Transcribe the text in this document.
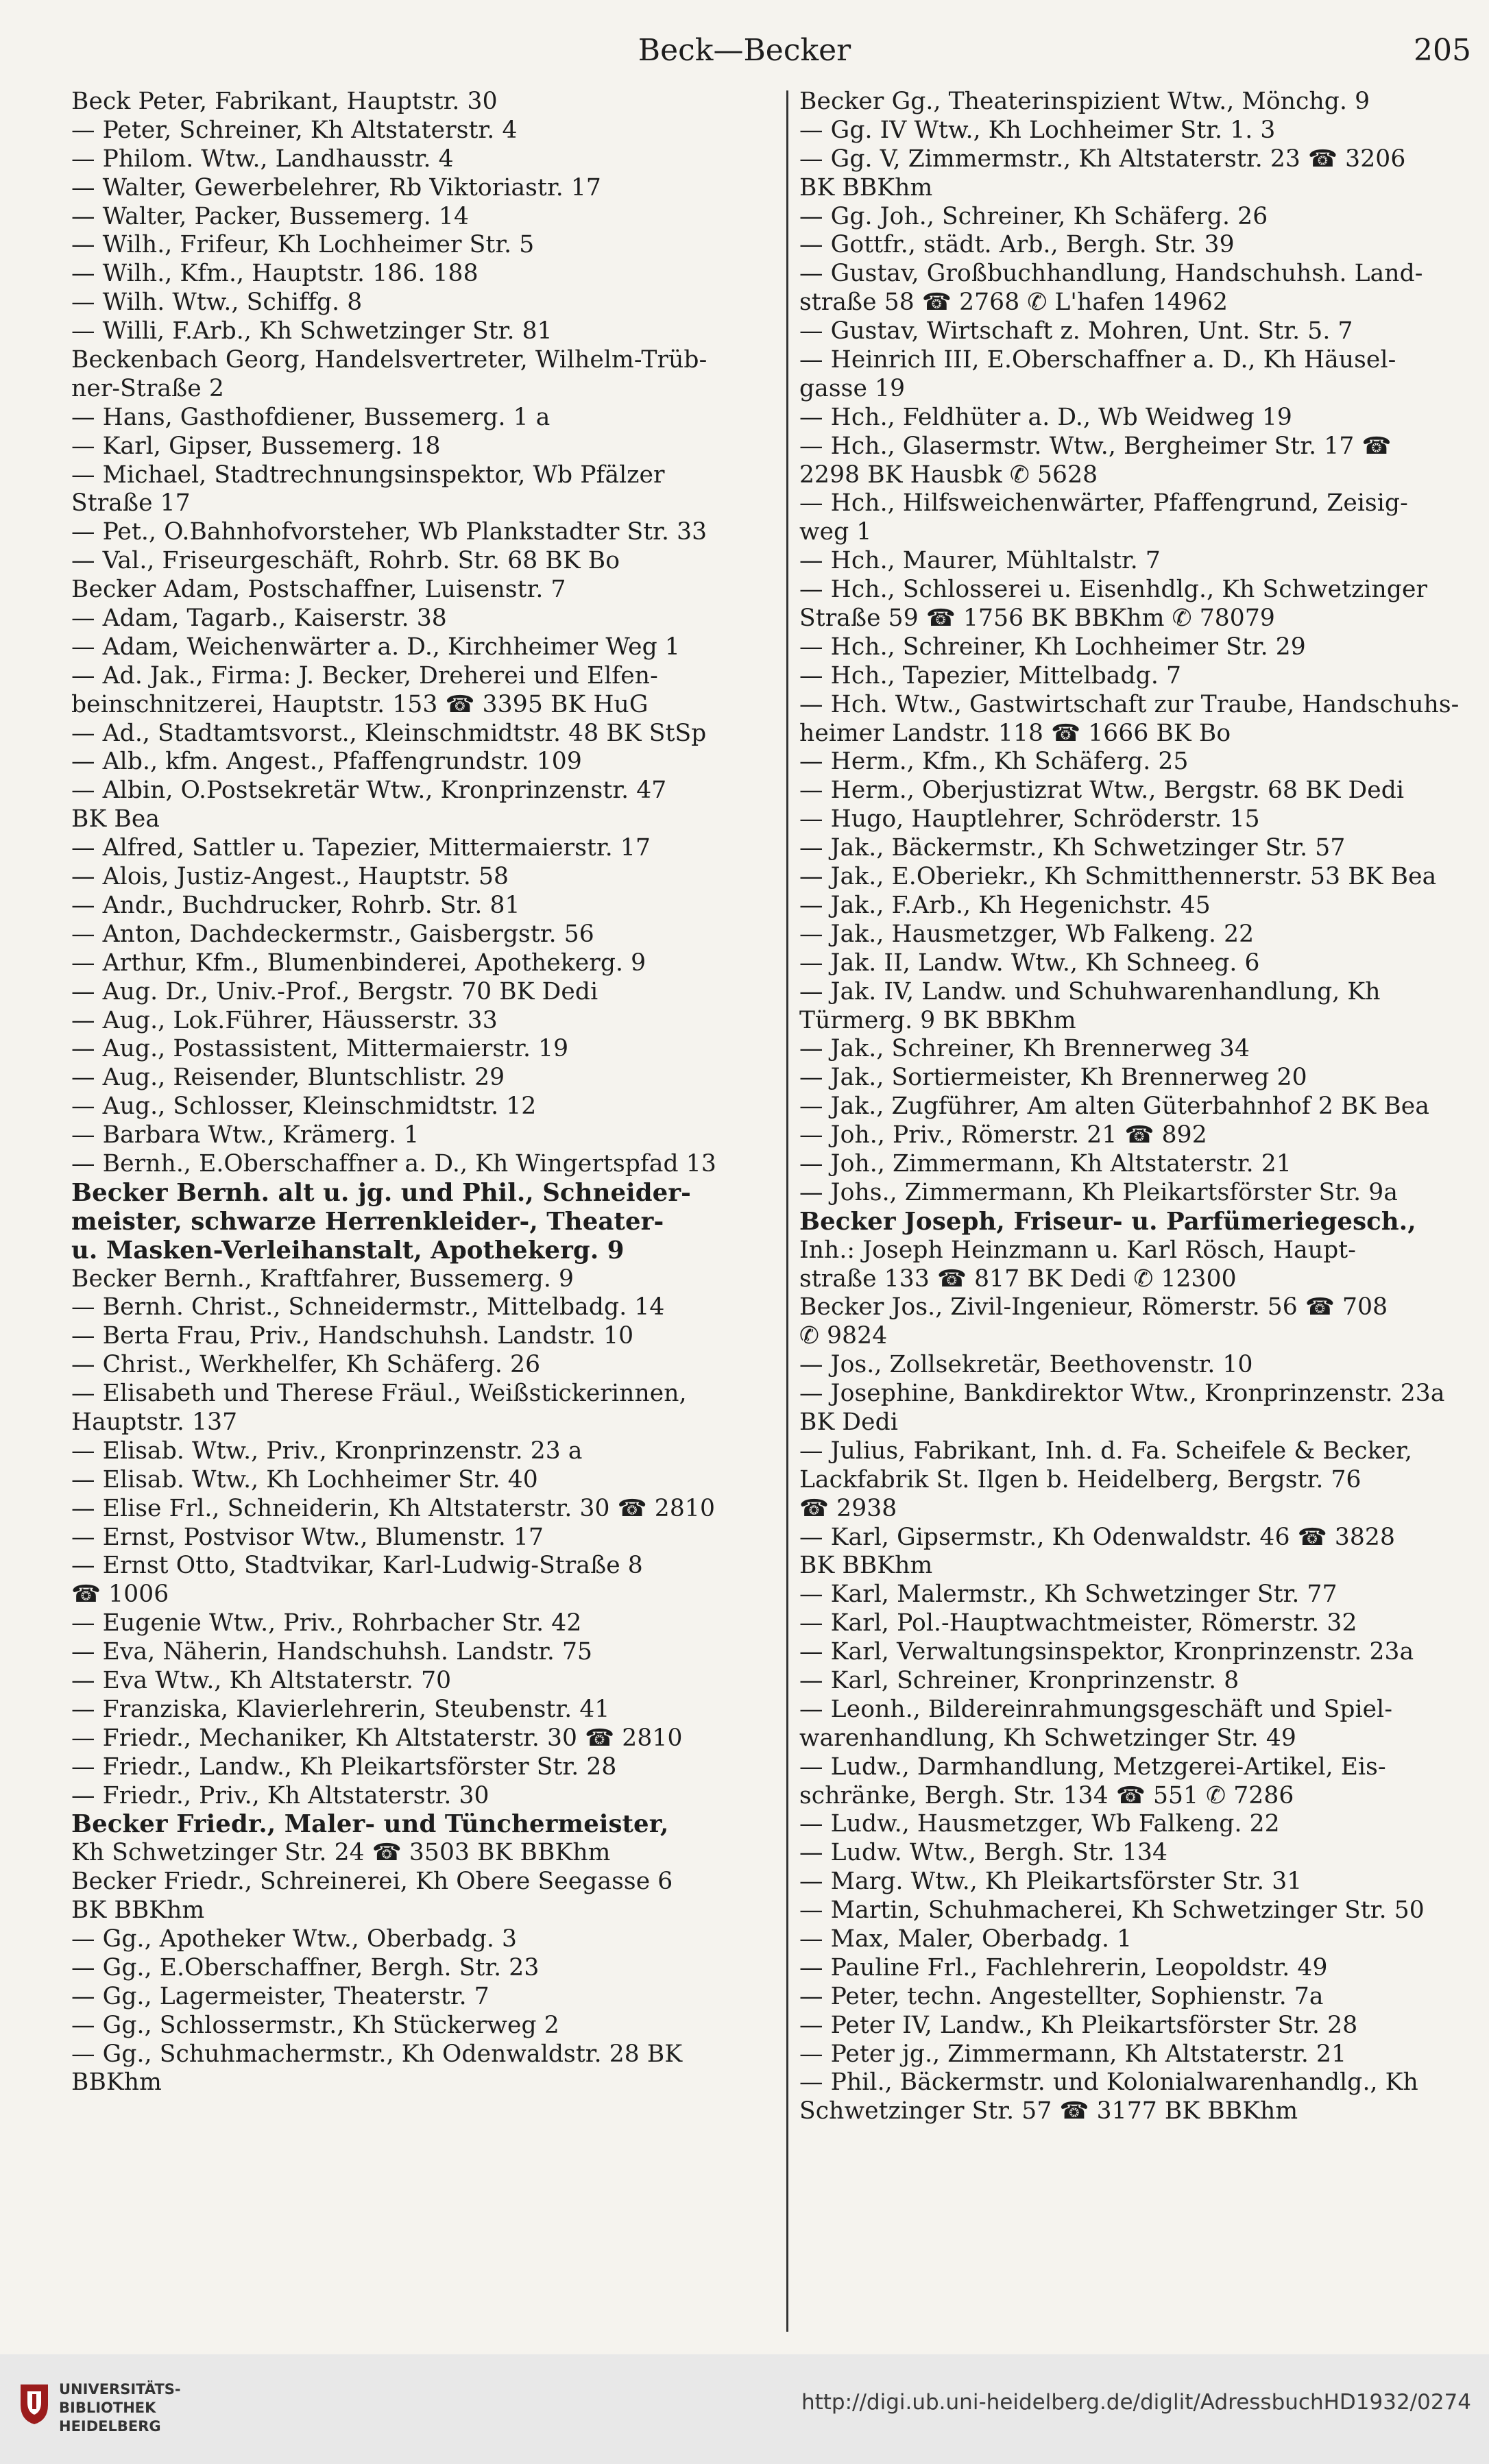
Beck—Becker	205
Beck Peter, Fabrikant, Hauptstr. 30
— Peter, Schreiner, Kh Altstaterstr. 4
— Philom. Wtw., Landhausstr. 4
— Walter, Gewerbelehrer, Rb Viktoriastr. 17
— Walter, Packer, Bussemerg. 14
— Wilh., Frifeur, Kh Lochheimer Str. 5
— Wilh., Kfm., Hauptstr. 186. 188
— Wilh. Wtw., Schiffg. 8
— Willi, F.Arb., Kh Schwetzinger Str. 81
Beckenbach Georg, Handelsvertreter, Wilhelm-Trüb-
ner-Straße 2
— Hans, Gasthofdiener, Bussemerg. 1 a
— Karl, Gipser, Bussemerg. 18
— Michael, Stadtrechnungsinspektor, Wb Pfälzer
Straße 17
— Pet., O.Bahnhofvorsteher, Wb Plankstadter Str. 33
— Val., Friseurgeschäft, Rohrb. Str. 68 BK Bo
Becker Adam, Postschaffner, Luisenstr. 7
— Adam, Tagarb., Kaiserstr. 38
— Adam, Weichenwärter a. D., Kirchheimer Weg 1
— Ad. Jak., Firma: J. Becker, Dreherei und Elfen-
beinschnitzerei, Hauptstr. 153 ☎ 3395 BK HuG
— Ad., Stadtamtsvorst., Kleinschmidtstr. 48 BK StSp
— Alb., kfm. Angest., Pfaffengrundstr. 109
— Albin, O.Postsekretär Wtw., Kronprinzenstr. 47
BK Bea
— Alfred, Sattler u. Tapezier, Mittermaierstr. 17
— Alois, Justiz-Angest., Hauptstr. 58
— Andr., Buchdrucker, Rohrb. Str. 81
— Anton, Dachdeckermstr., Gaisbergstr. 56
— Arthur, Kfm., Blumenbinderei, Apothekerg. 9
— Aug. Dr., Univ.-Prof., Bergstr. 70 BK Dedi
— Aug., Lok.Führer, Häusserstr. 33
— Aug., Postassistent, Mittermaierstr. 19
— Aug., Reisender, Bluntschlistr. 29
— Aug., Schlosser, Kleinschmidtstr. 12
— Barbara Wtw., Krämerg. 1
— Bernh., E.Oberschaffner a. D., Kh Wingertspfad 13
Becker Bernh. alt u. jg. und Phil., Schneider-
meister, schwarze Herrenkleider-, Theater-
u. Masken-Verleihanstalt, Apothekerg. 9
Becker Bernh., Kraftfahrer, Bussemerg. 9
— Bernh. Christ., Schneidermstr., Mittelbadg. 14
— Berta Frau, Priv., Handschuhsh. Landstr. 10
— Christ., Werkhelfer, Kh Schäferg. 26
— Elisabeth und Therese Fräul., Weißstickerinnen,
Hauptstr. 137
— Elisab. Wtw., Priv., Kronprinzenstr. 23 a
— Elisab. Wtw., Kh Lochheimer Str. 40
— Elise Frl., Schneiderin, Kh Altstaterstr. 30 ☎ 2810
— Ernst, Postvisor Wtw., Blumenstr. 17
— Ernst Otto, Stadtvikar, Karl-Ludwig-Straße 8
☎ 1006
— Eugenie Wtw., Priv., Rohrbacher Str. 42
— Eva, Näherin, Handschuhsh. Landstr. 75
— Eva Wtw., Kh Altstaterstr. 70
— Franziska, Klavierlehrerin, Steubenstr. 41
— Friedr., Mechaniker, Kh Altstaterstr. 30 ☎ 2810
— Friedr., Landw., Kh Pleikartsförster Str. 28
— Friedr., Priv., Kh Altstaterstr. 30
Becker Friedr., Maler- und Tünchermeister,
Kh Schwetzinger Str. 24 ☎ 3503 BK BBKhm
Becker Friedr., Schreinerei, Kh Obere Seegasse 6
BK BBKhm
— Gg., Apotheker Wtw., Oberbadg. 3
— Gg., E.Oberschaffner, Bergh. Str. 23
— Gg., Lagermeister, Theaterstr. 7
— Gg., Schlossermstr., Kh Stückerweg 2
— Gg., Schuhmachermstr., Kh Odenwaldstr. 28 BK
BBKhm
Becker Gg., Theaterinspizient Wtw., Mönchg. 9
— Gg. IV Wtw., Kh Lochheimer Str. 1. 3
— Gg. V, Zimmermstr., Kh Altstaterstr. 23 ☎ 3206
BK BBKhm
— Gg. Joh., Schreiner, Kh Schäferg. 26
— Gottfr., städt. Arb., Bergh. Str. 39
— Gustav, Großbuchhandlung, Handschuhsh. Land-
straße 58 ☎ 2768 ✆ L'hafen 14962
— Gustav, Wirtschaft z. Mohren, Unt. Str. 5. 7
— Heinrich III, E.Oberschaffner a. D., Kh Häusel-
gasse 19
— Hch., Feldhüter a. D., Wb Weidweg 19
— Hch., Glasermstr. Wtw., Bergheimer Str. 17 ☎
2298 BK Hausbk ✆ 5628
— Hch., Hilfsweichenwärter, Pfaffengrund, Zeisig-
weg 1
— Hch., Maurer, Mühltalstr. 7
— Hch., Schlosserei u. Eisenhdlg., Kh Schwetzinger
Straße 59 ☎ 1756 BK BBKhm ✆ 78079
— Hch., Schreiner, Kh Lochheimer Str. 29
— Hch., Tapezier, Mittelbadg. 7
— Hch. Wtw., Gastwirtschaft zur Traube, Handschuhs-
heimer Landstr. 118 ☎ 1666 BK Bo
— Herm., Kfm., Kh Schäferg. 25
— Herm., Oberjustizrat Wtw., Bergstr. 68 BK Dedi
— Hugo, Hauptlehrer, Schröderstr. 15
— Jak., Bäckermstr., Kh Schwetzinger Str. 57
— Jak., E.Oberiekr., Kh Schmitthennerstr. 53 BK Bea
— Jak., F.Arb., Kh Hegenichstr. 45
— Jak., Hausmetzger, Wb Falkeng. 22
— Jak. II, Landw. Wtw., Kh Schneeg. 6
— Jak. IV, Landw. und Schuhwarenhandlung, Kh
Türmerg. 9 BK BBKhm
— Jak., Schreiner, Kh Brennerweg 34
— Jak., Sortiermeister, Kh Brennerweg 20
— Jak., Zugführer, Am alten Güterbahnhof 2 BK Bea
— Joh., Priv., Römerstr. 21 ☎ 892
— Joh., Zimmermann, Kh Altstaterstr. 21
— Johs., Zimmermann, Kh Pleikartsförster Str. 9a
Becker Joseph, Friseur- u. Parfümeriegesch.,
Inh.: Joseph Heinzmann u. Karl Rösch, Haupt-
straße 133 ☎ 817 BK Dedi ✆ 12300
Becker Jos., Zivil-Ingenieur, Römerstr. 56 ☎ 708
✆ 9824
— Jos., Zollsekretär, Beethovenstr. 10
— Josephine, Bankdirektor Wtw., Kronprinzenstr. 23a
BK Dedi
— Julius, Fabrikant, Inh. d. Fa. Scheifele & Becker,
Lackfabrik St. Ilgen b. Heidelberg, Bergstr. 76
☎ 2938
— Karl, Gipsermstr., Kh Odenwaldstr. 46 ☎ 3828
BK BBKhm
— Karl, Malermstr., Kh Schwetzinger Str. 77
— Karl, Pol.-Hauptwachtmeister, Römerstr. 32
— Karl, Verwaltungsinspektor, Kronprinzenstr. 23a
— Karl, Schreiner, Kronprinzenstr. 8
— Leonh., Bildereinrahmungsgeschäft und Spiel-
warenhandlung, Kh Schwetzinger Str. 49
— Ludw., Darmhandlung, Metzgerei-Artikel, Eis-
schränke, Bergh. Str. 134 ☎ 551 ✆ 7286
— Ludw., Hausmetzger, Wb Falkeng. 22
— Ludw. Wtw., Bergh. Str. 134
— Marg. Wtw., Kh Pleikartsförster Str. 31
— Martin, Schuhmacherei, Kh Schwetzinger Str. 50
— Max, Maler, Oberbadg. 1
— Pauline Frl., Fachlehrerin, Leopoldstr. 49
— Peter, techn. Angestellter, Sophienstr. 7a
— Peter IV, Landw., Kh Pleikartsförster Str. 28
— Peter jg., Zimmermann, Kh Altstaterstr. 21
— Phil., Bäckermstr. und Kolonialwarenhandlg., Kh
Schwetzinger Str. 57 ☎ 3177 BK BBKhm
UNIVERSITÄTS-
BIBLIOTHEK
HEIDELBERG
http://digi.ub.uni-heidelberg.de/diglit/AdressbuchHD1932/0274
